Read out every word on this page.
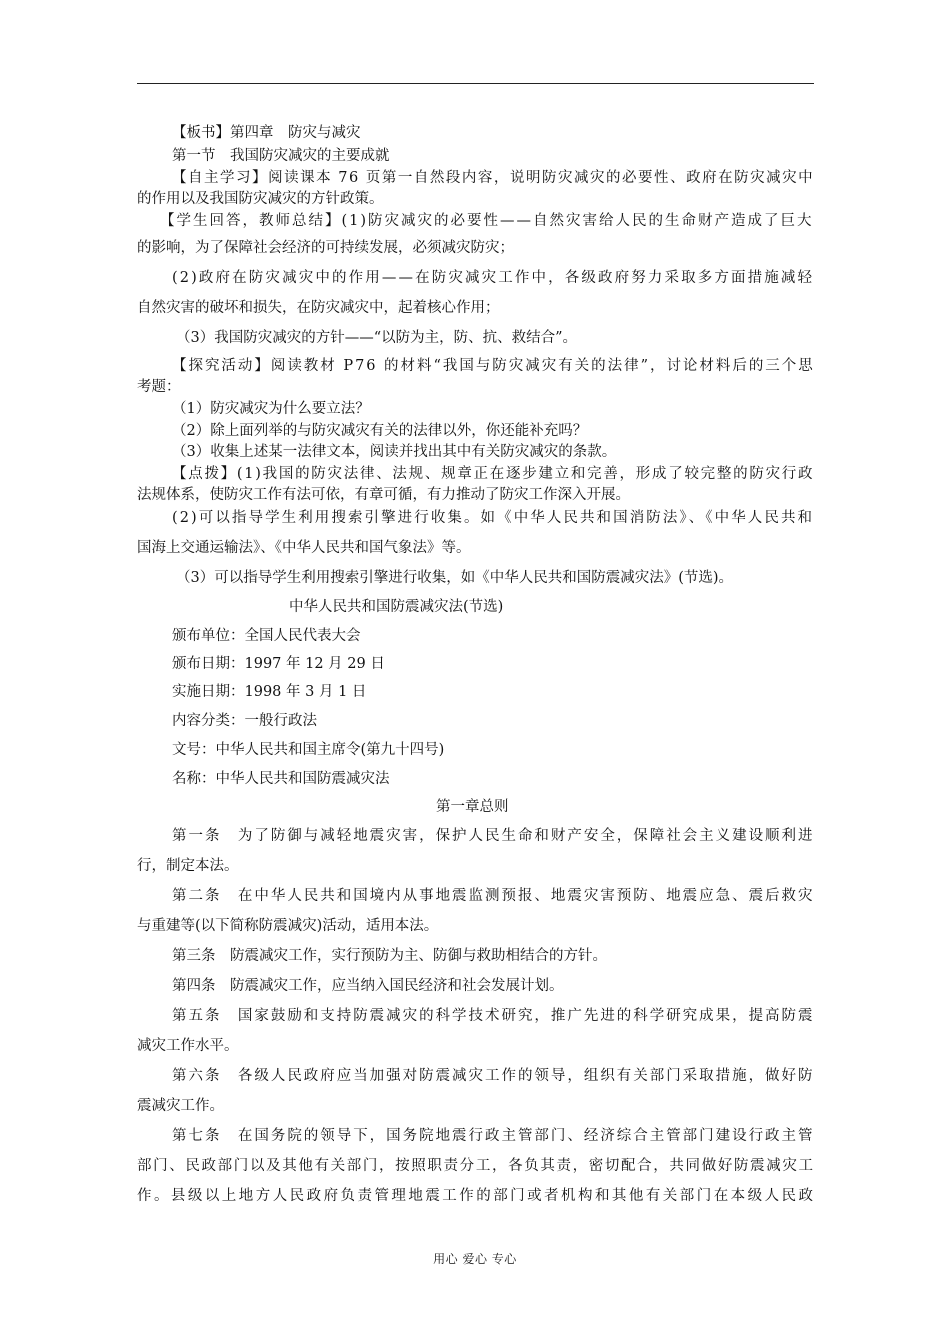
【板书】第四章　防灾与减灾
第一节　我国防灾减灾的主要成就
【自主学习】阅读课本 76 页第一自然段内容，说明防灾减灾的必要性、政府在防灾减灾中
的作用以及我国防灾减灾的方针政策。
【学生回答，教师总结】(1)防灾减灾的必要性——自然灾害给人民的生命财产造成了巨大
的影响，为了保障社会经济的可持续发展，必须减灾防灾；
(2)政府在防灾减灾中的作用——在防灾减灾工作中，各级政府努力采取多方面措施减轻
自然灾害的破坏和损失，在防灾减灾中，起着核心作用；
（3）我国防灾减灾的方针——“以防为主，防、抗、救结合”。
【探究活动】阅读教材 P76 的材料“我国与防灾减灾有关的法律”，讨论材料后的三个思
考题：
（1）防灾减灾为什么要立法？
（2）除上面列举的与防灾减灾有关的法律以外，你还能补充吗？
（3）收集上述某一法律文本，阅读并找出其中有关防灾减灾的条款。
【点拨】(1)我国的防灾法律、法规、规章正在逐步建立和完善，形成了较完整的防灾行政
法规体系，使防灾工作有法可依，有章可循，有力推动了防灾工作深入开展。
(2)可以指导学生利用搜索引擎进行收集。如《中华人民共和国消防法》、《中华人民共和
国海上交通运输法》、《中华人民共和国气象法》等。
（3）可以指导学生利用搜索引擎进行收集，如《中华人民共和国防震减灾法》(节选)。
中华人民共和国防震减灾法(节选)
颁布单位：全国人民代表大会
颁布日期：1997 年 12 月 29 日
实施日期：1998 年 3 月 1 日
内容分类：一般行政法
文号：中华人民共和国主席令(第九十四号)
名称：中华人民共和国防震减灾法
第一章总则
第一条　为了防御与减轻地震灾害，保护人民生命和财产安全，保障社会主义建设顺利进
行，制定本法。
第二条　在中华人民共和国境内从事地震监测预报、地震灾害预防、地震应急、震后救灾
与重建等(以下简称防震减灾)活动，适用本法。
第三条　防震减灾工作，实行预防为主、防御与救助相结合的方针。
第四条　防震减灾工作，应当纳入国民经济和社会发展计划。
第五条　国家鼓励和支持防震减灾的科学技术研究，推广先进的科学研究成果，提高防震
减灾工作水平。
第六条　各级人民政府应当加强对防震减灾工作的领导，组织有关部门采取措施，做好防
震减灾工作。
第七条　在国务院的领导下，国务院地震行政主管部门、经济综合主管部门建设行政主管
部门、民政部门以及其他有关部门，按照职责分工，各负其责，密切配合，共同做好防震减灾工
作。县级以上地方人民政府负责管理地震工作的部门或者机构和其他有关部门在本级人民政
用心 爱心 专心
